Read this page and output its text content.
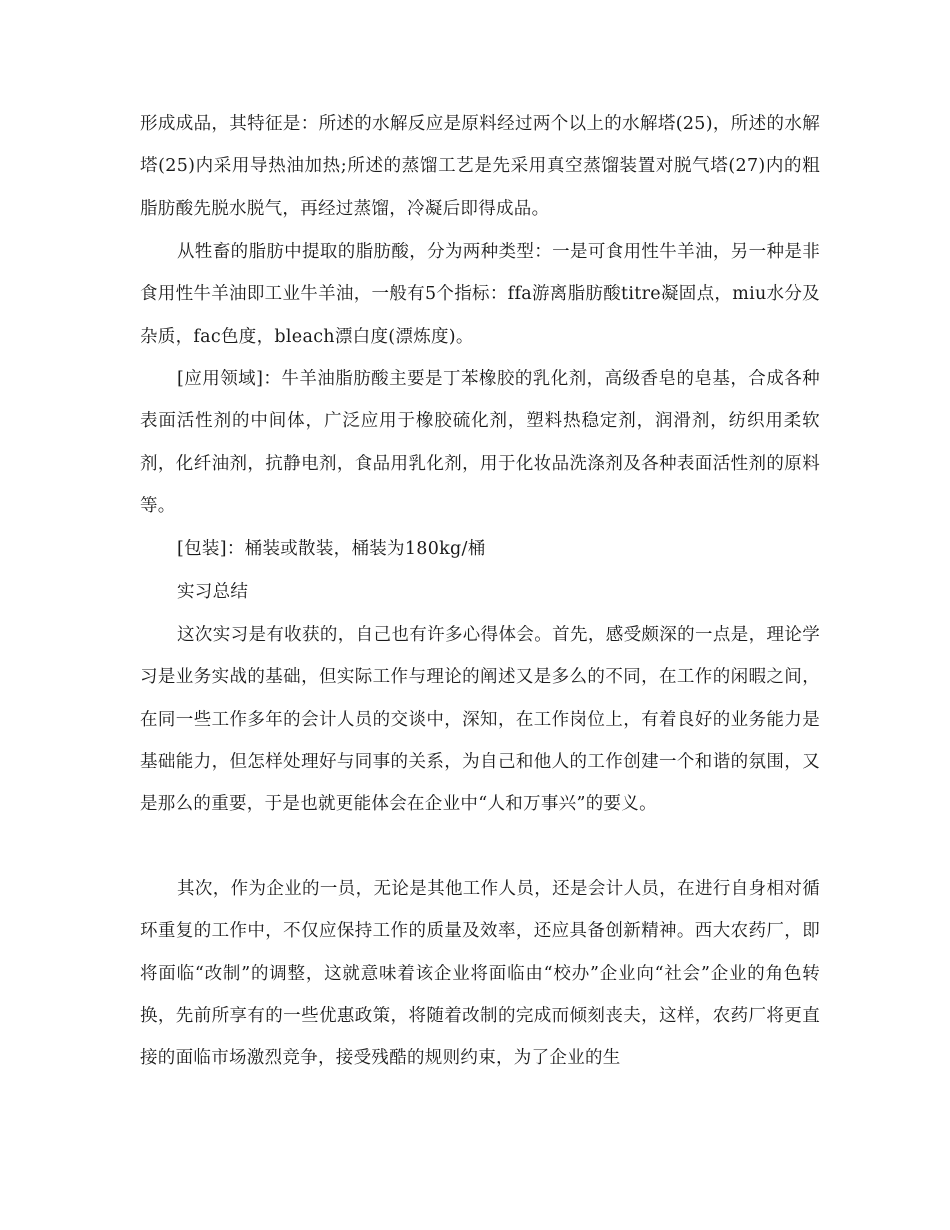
形成成品，其特征是：所述的水解反应是原料经过两个以上的水解塔(25)，所述的水解塔(25)内采用导热油加热;所述的蒸馏工艺是先采用真空蒸馏装置对脱气塔(27)内的粗脂肪酸先脱水脱气，再经过蒸馏，冷凝后即得成品。

从牲畜的脂肪中提取的脂肪酸，分为两种类型：一是可食用性牛羊油，另一种是非食用性牛羊油即工业牛羊油，一般有5个指标：ffa游离脂肪酸titre凝固点，miu水分及杂质，fac色度，bleach漂白度(漂炼度)。

[应用领域]：牛羊油脂肪酸主要是丁苯橡胶的乳化剂，高级香皂的皂基，合成各种表面活性剂的中间体，广泛应用于橡胶硫化剂，塑料热稳定剂，润滑剂，纺织用柔软剂，化纤油剂，抗静电剂，食品用乳化剂，用于化妆品洗涤剂及各种表面活性剂的原料等。

[包装]：桶装或散装，桶装为180kg/桶

实习总结

这次实习是有收获的，自己也有许多心得体会。首先，感受颇深的一点是，理论学习是业务实战的基础，但实际工作与理论的阐述又是多么的不同，在工作的闲暇之间，在同一些工作多年的会计人员的交谈中，深知，在工作岗位上，有着良好的业务能力是基础能力，但怎样处理好与同事的关系，为自己和他人的工作创建一个和谐的氛围，又是那么的重要，于是也就更能体会在企业中“人和万事兴”的要义。

其次，作为企业的一员，无论是其他工作人员，还是会计人员，在进行自身相对循环重复的工作中，不仅应保持工作的质量及效率，还应具备创新精神。西大农药厂，即将面临“改制”的调整，这就意味着该企业将面临由“校办”企业向“社会”企业的角色转换，先前所享有的一些优惠政策，将随着改制的完成而倾刻丧夫，这样，农药厂将更直接的面临市场激烈竞争，接受残酷的规则约束，为了企业的生
